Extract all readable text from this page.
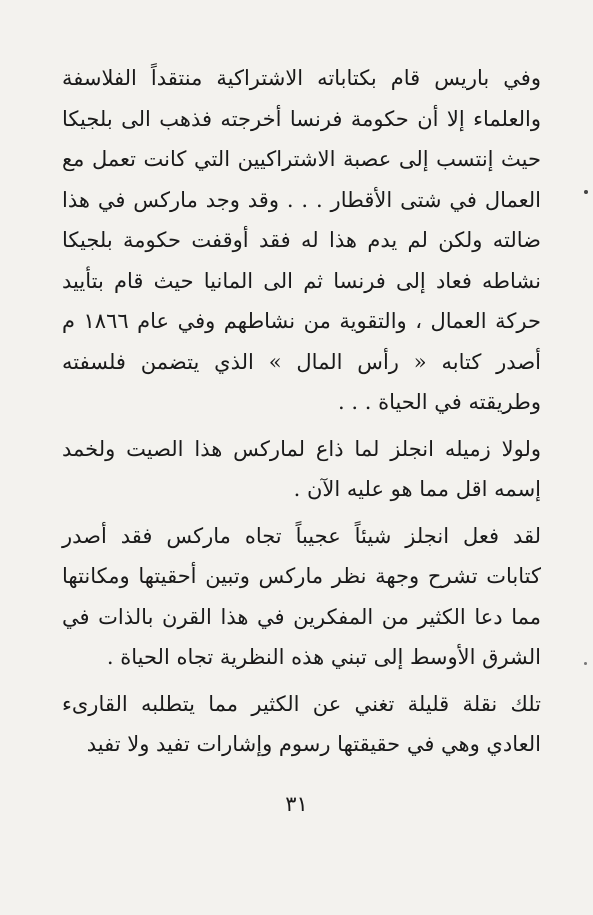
وفي باريس قام بكتاباته الاشتراكية منتقداً الفلاسفة والعلماء إلا أن حكومة فرنسا أخرجته فذهب الى بلجيكا حيث إنتسب إلى عصبة الاشتراكيين التي كانت تعمل مع العمال في شتى الأقطار . . . وقد وجد ماركس في هذا ضالته ولكن لم يدم هذا له فقد أوقفت حكومة بلجيكا نشاطه فعاد إلى فرنسا ثم الى المانيا حيث قام بتأييد حركة العمال ، والتقوية من نشاطهم وفي عام ١٨٦٦ م أصدر كتابه « رأس المال » الذي يتضمن فلسفته وطريقته في الحياة . . .

ولولا زميله انجلز لما ذاع لماركس هذا الصيت ولخمد إسمه اقل مما هو عليه الآن .

لقد فعل انجلز شيئاً عجيباً تجاه ماركس فقد أصدر كتابات تشرح وجهة نظر ماركس وتبين أحقيتها ومكانتها مما دعا الكثير من المفكرين في هذا القرن بالذات في الشرق الأوسط إلى تبني هذه النظرية تجاه الحياة .

تلك نقلة قليلة تغني عن الكثير مما يتطلبه القارىء العادي وهي في حقيقتها رسوم وإشارات تفيد ولا تفيد

٣١
